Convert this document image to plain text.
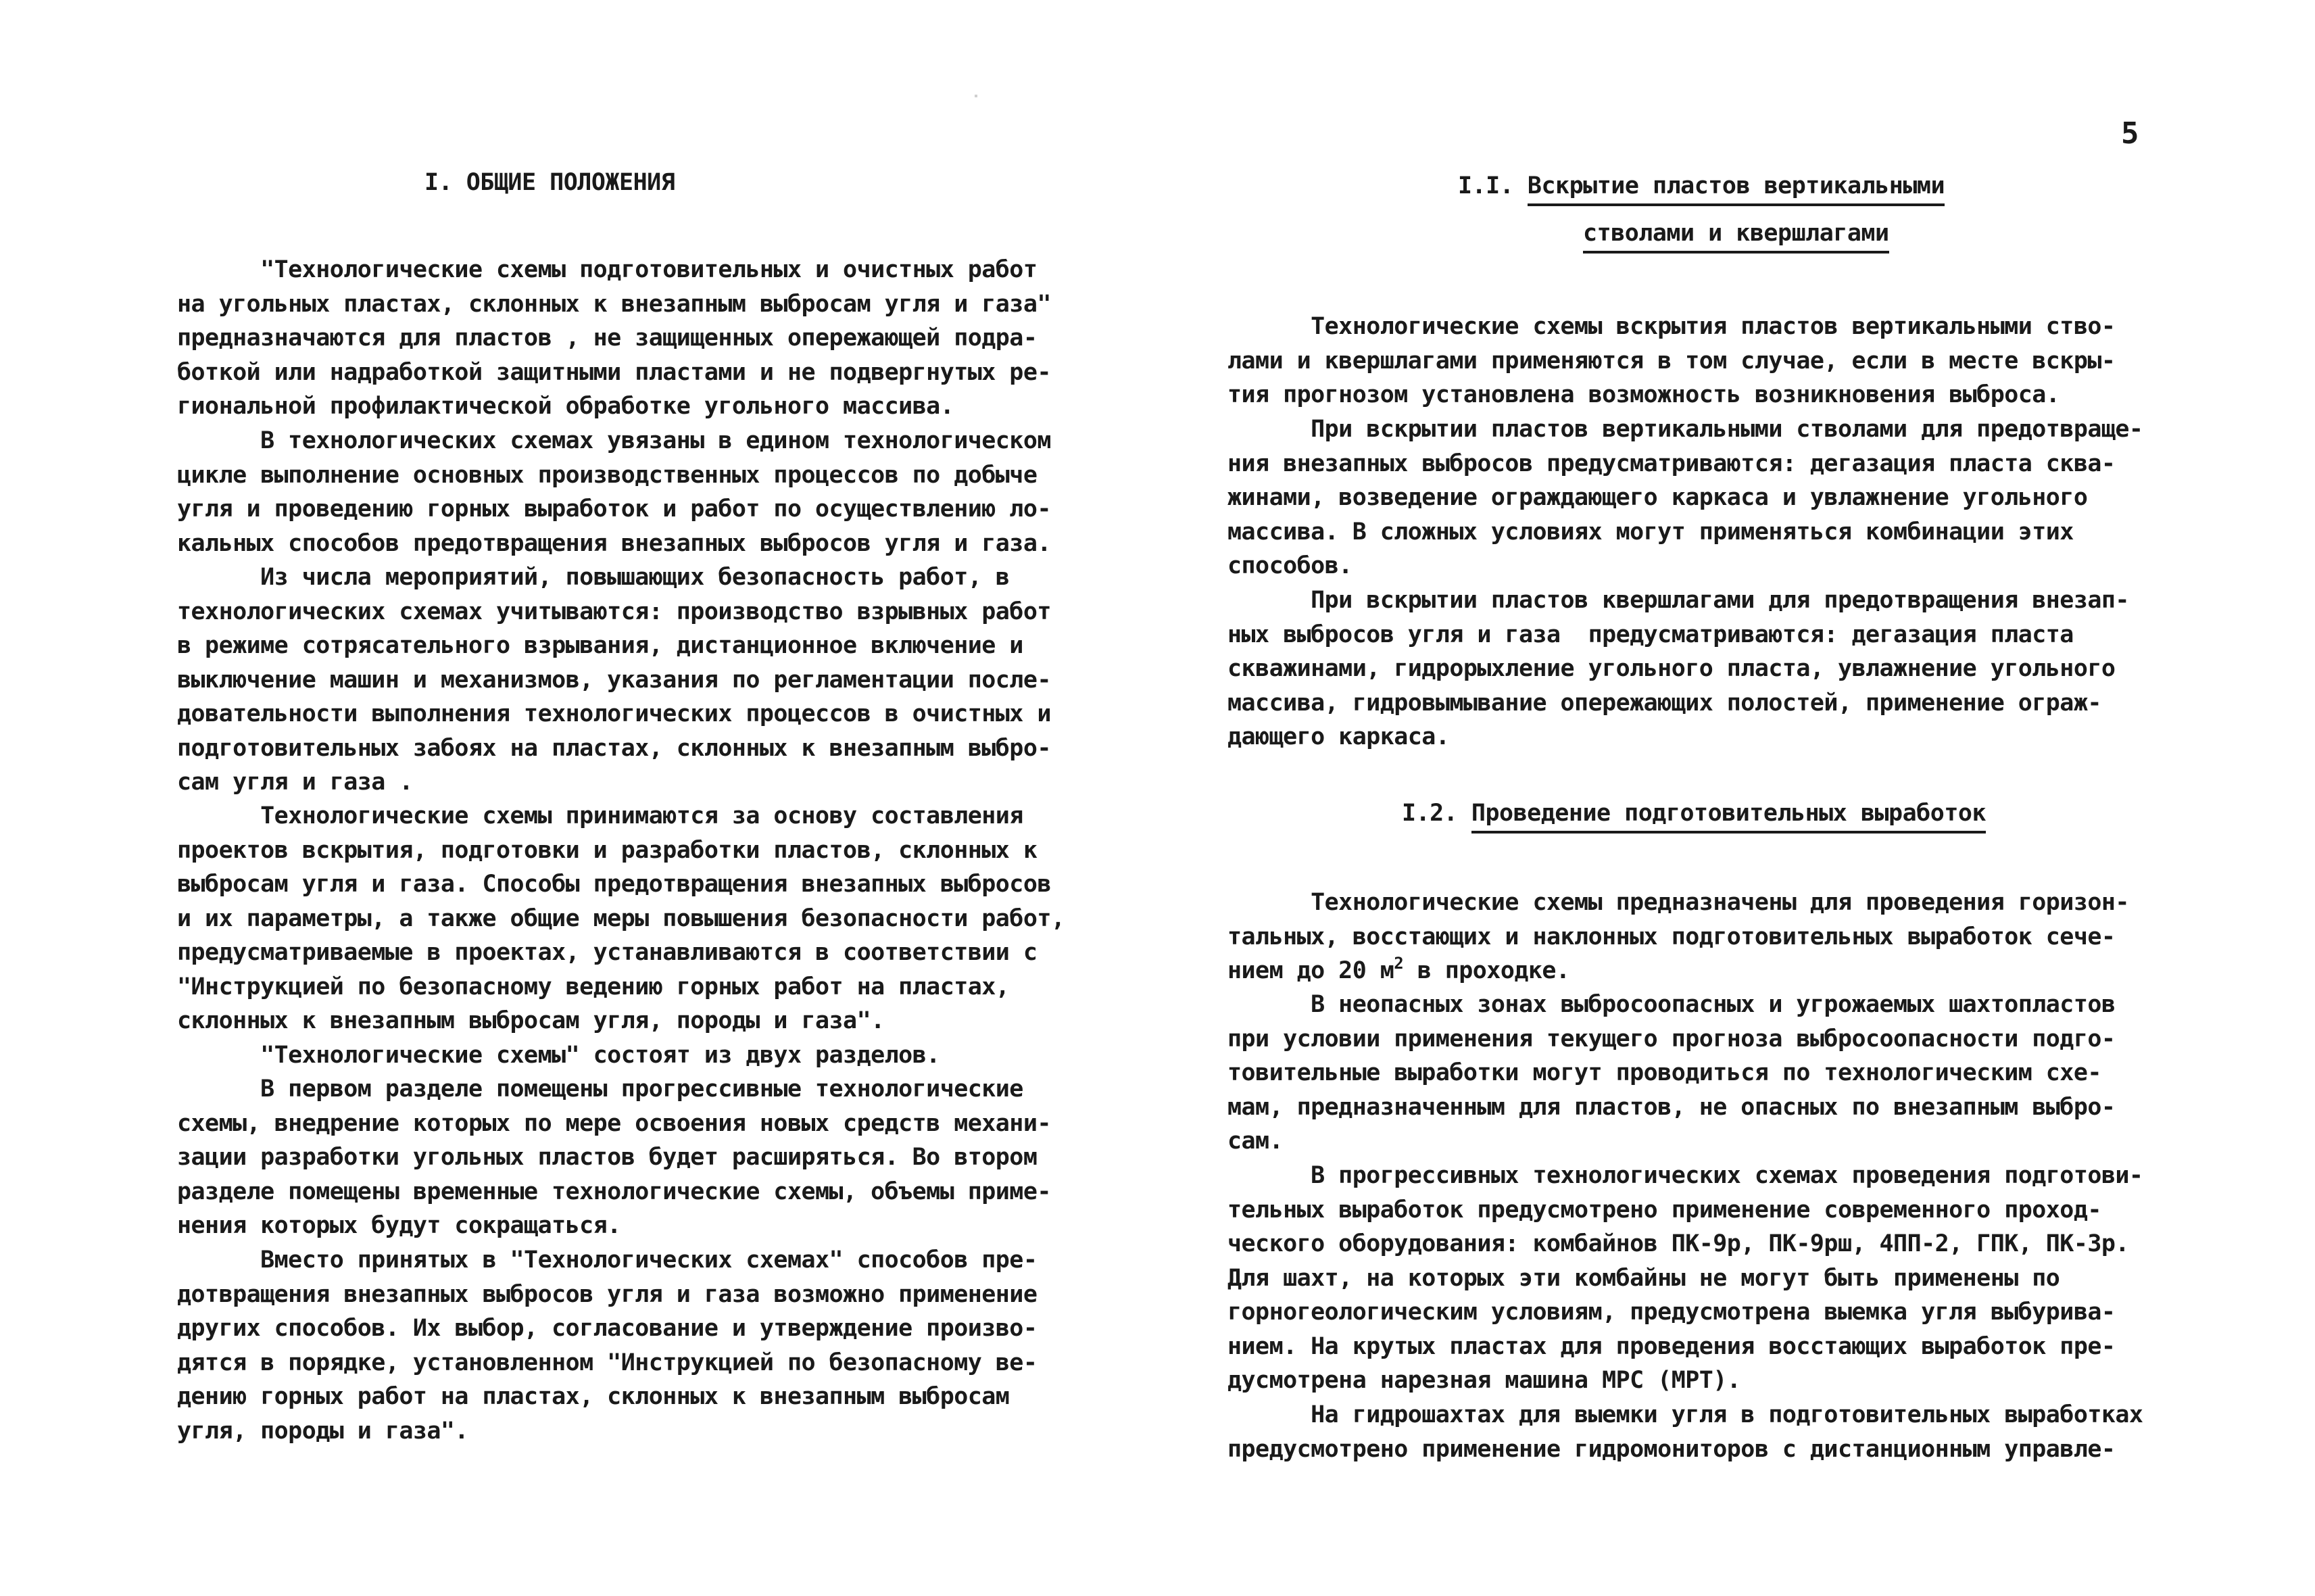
I. ОБЩИЕ ПОЛОЖЕНИЯ

"Технологические схемы подготовительных и очистных работ
на угольных пластах, склонных к внезапным выбросам угля и газа"
предназначаются для пластов , не защищенных опережающей подра-
боткой или надработкой защитными пластами и не подвергнутых ре-
гиональной профилактической обработке угольного массива.

В технологических схемах увязаны в едином технологическом
цикле выполнение основных производственных процессов по добыче
угля и проведению горных выработок и работ по осуществлению ло-
кальных способов предотвращения внезапных выбросов угля и газа.

Из числа мероприятий, повышающих безопасность работ, в
технологических схемах учитываются: производство взрывных работ
в режиме сотрясательного взрывания, дистанционное включение и
выключение машин и механизмов, указания по регламентации после-
довательности выполнения технологических процессов в очистных и
подготовительных забоях на пластах, склонных к внезапным выбро-
сам угля и газа .

Технологические схемы принимаются за основу составления
проектов вскрытия, подготовки и разработки пластов, склонных к
выбросам угля и газа. Способы предотвращения внезапных выбросов
и их параметры, а также общие меры повышения безопасности работ,
предусматриваемые в проектах, устанавливаются в соответствии с
"Инструкцией по безопасному ведению горных работ на пластах,
склонных к внезапным выбросам угля, породы и газа".

"Технологические схемы" состоят из двух разделов.

В первом разделе помещены прогрессивные технологические
схемы, внедрение которых по мере освоения новых средств механи-
зации разработки угольных пластов будет расширяться. Во втором
разделе помещены временные технологические схемы, объемы приме-
нения которых будут сокращаться.

Вместо принятых в "Технологических схемах" способов пре-
дотвращения внезапных выбросов угля и газа возможно применение
других способов. Их выбор, согласование и утверждение произво-
дятся в порядке, установленном "Инструкцией по безопасному ве-
дению горных работ на пластах, склонных к внезапным выбросам
угля, породы и газа".

5
I.I. Вскрытие пластов вертикальными
стволами и квершлагами

Технологические схемы вскрытия пластов вертикальными ство-
лами и квершлагами применяются в том случае, если в месте вскры-
тия прогнозом установлена возможность возникновения выброса.

При вскрытии пластов вертикальными стволами для предотвраще-
ния внезапных выбросов предусматриваются: дегазация пласта сква-
жинами, возведение ограждающего каркаса и увлажнение угольного
массива. В сложных условиях могут применяться комбинации этих
способов.

При вскрытии пластов квершлагами для предотвращения внезап-
ных выбросов угля и газа  предусматриваются: дегазация пласта
скважинами, гидрорыхление угольного пласта, увлажнение угольного
массива, гидровымывание опережающих полостей, применение ограж-
дающего каркаса.

I.2. Проведение подготовительных выработок

Технологические схемы предназначены для проведения горизон-
тальных, восстающих и наклонных подготовительных выработок сече-
нием до 20 $м^2$ в проходке.

В неопасных зонах выбросоопасных и угрожаемых шахтопластов
при условии применения текущего прогноза выбросоопасности подго-
товительные выработки могут проводиться по технологическим схе-
мам, предназначенным для пластов, не опасных по внезапным выбро-
сам.

В прогрессивных технологических схемах проведения подготови-
тельных выработок предусмотрено применение современного проход-
ческого оборудования: комбайнов ПК-9р, ПК-9рш, 4ПП-2, ГПК, ПК-3р.
Для шахт, на которых эти комбайны не могут быть применены по
горногеологическим условиям, предусмотрена выемка угля выбурива-
нием. На крутых пластах для проведения восстающих выработок пре-
дусмотрена нарезная машина МРС (МРТ).

На гидрошахтах для выемки угля в подготовительных выработках
предусмотрено применение гидромониторов с дистанционным управле-
